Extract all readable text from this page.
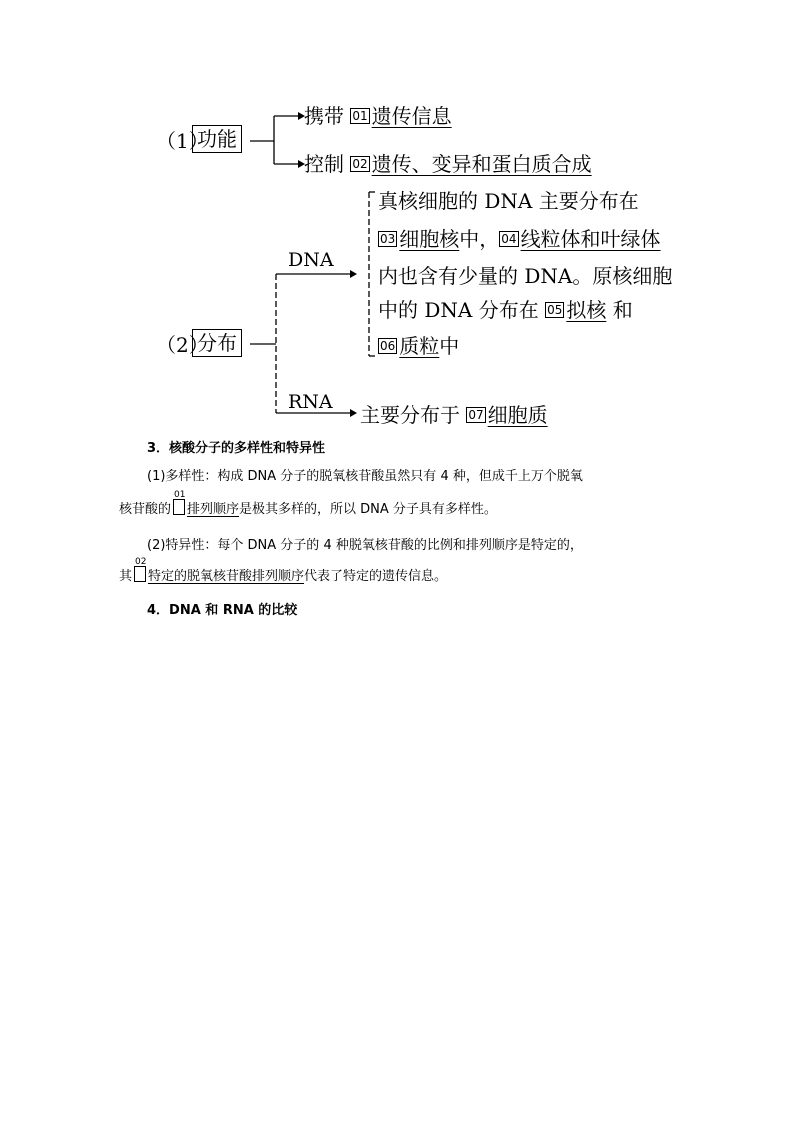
（1）
功能
携带 01 遗传信息
控制 02 遗传、变异和蛋白质合成
（2）
分布
DNA
RNA
真核细胞的 DNA 主要分布在
03 细胞核中， 04 线粒体和叶绿体
内也含有少量的 DNA。原核细胞
中的 DNA 分布在 05 拟核 和
06 质粒中
主要分布于 07 细胞质
3．核酸分子的多样性和特异性
(1)多样性：构成 DNA 分子的脱氧核苷酸虽然只有 4 种，但成千上万个脱氧
核苷酸的
01
排列顺序是极其多样的，所以 DNA 分子具有多样性。
(2)特异性：每个 DNA 分子的 4 种脱氧核苷酸的比例和排列顺序是特定的，
其
02
特定的脱氧核苷酸排列顺序代表了特定的遗传信息。
4．DNA 和 RNA 的比较
